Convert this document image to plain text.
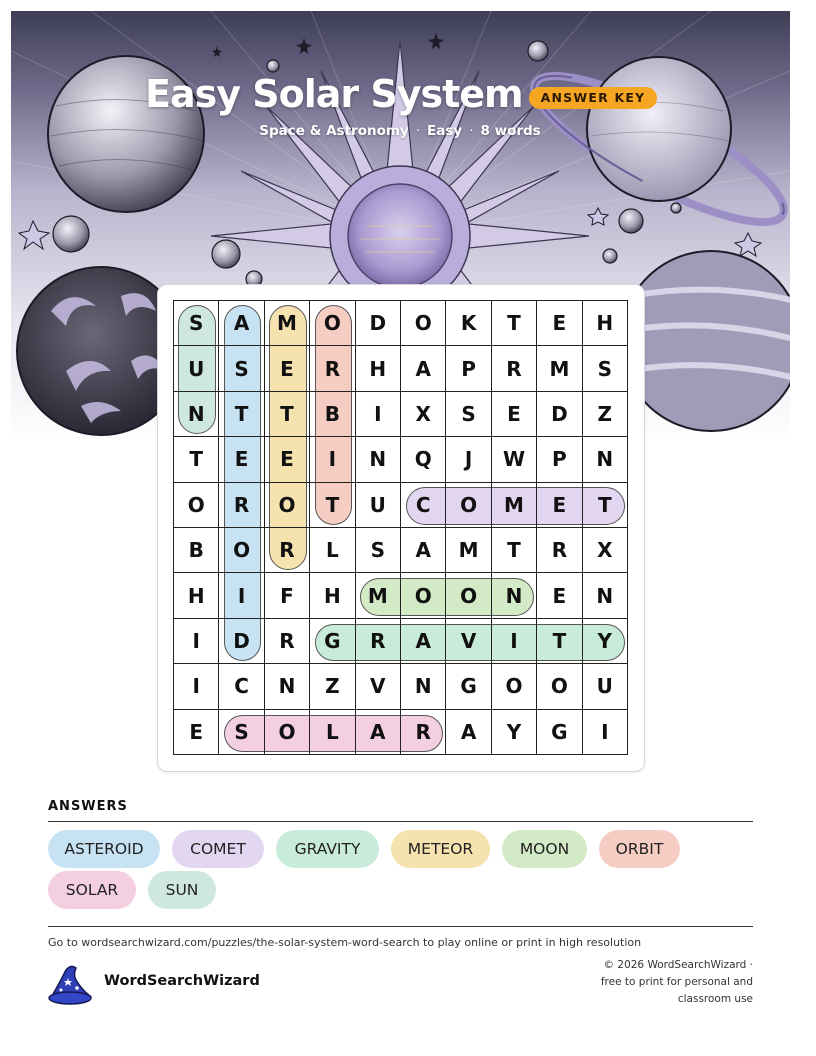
Easy Solar System	ANSWER KEY
Space & Astronomy · Easy · 8 words
S	A	M	O	D	O	K	T	E	H
U	S	E	R	H	A	P	R	M	S
N	T	T	B	I	X	S	E	D	Z
T	E	E	I	N	Q	J	W	P	N
O	R	O	T	U	C	O	M	E	T
B	O	R	L	S	A	M	T	R	X
H	I	F	H	M	O	O	N	E	N
I	D	R	G	R	A	V	I	T	Y
I	C	N	Z	V	N	G	O	O	U
E	S	O	L	A	R	A	Y	G	I
ANSWERS
ASTEROID	COMET	GRAVITY	METEOR	MOON	ORBIT
SOLAR	SUN
Go to wordsearchwizard.com/puzzles/the-solar-system-word-search to play online or print in high resolution
WordSearchWizard
© 2026 WordSearchWizard ·
free to print for personal and
classroom use
